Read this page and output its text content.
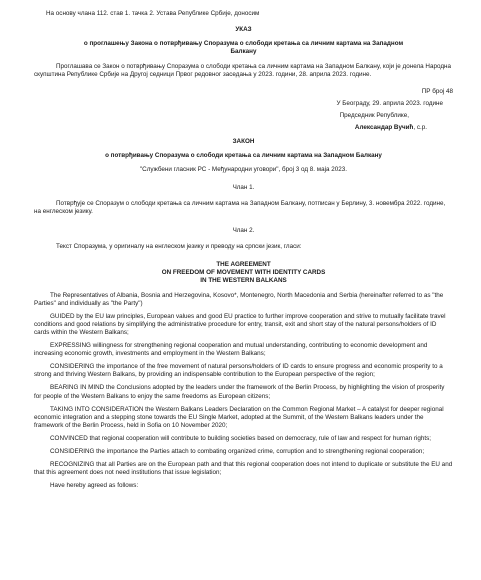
На основу члана 112. став 1. тачка 2. Устава Републике Србије, доносим

УКАЗ

о проглашењу Закона о потврђивању Споразума о слободи кретања са личним картама на Западном Балкану

Проглашава се Закон о потврђивању Споразума о слободи кретања са личним картама на Западном Балкану, који је донела Народна скупштина Републике Србије на Другој седници Првог редовног заседања у 2023. години, 28. априла 2023. године.

ПР број 48

У Београду, 29. априла 2023. године

Председник Републике,

Александар Вучић, с.р.

ЗАКОН

о потврђивању Споразума о слободи кретања са личним картама на Западном Балкану

"Службени гласник РС - Међународни уговори", број 3 од 8. маја 2023.

Члан 1.

Потврђује се Споразум о слободи кретања са личним картама на Западном Балкану, потписан у Берлину, 3. новембра 2022. године, на енглеском језику.

Члан 2.

Текст Споразума, у оригиналу на енглеском језику и преводу на српски језик, гласи:

THE AGREEMENT
ON FREEDOM OF MOVEMENT WITH IDENTITY CARDS
IN THE WESTERN BALKANS

The Representatives of Albania, Bosnia and Herzegovina, Kosovo*, Montenegro, North Macedonia and Serbia (hereinafter referred to as "the Parties" and individually as "the Party")

GUIDED by the EU law principles, European values and good EU practice to further improve cooperation and strive to mutually facilitate travel conditions and good relations by simplifying the administrative procedure for entry, transit, exit and short stay of the natural persons/holders of ID cards within the Western Balkans;

EXPRESSING willingness for strengthening regional cooperation and mutual understanding, contributing to economic development and increasing economic growth, investments and employment in the Western Balkans;

CONSIDERING the importance of the free movement of natural persons/holders of ID cards to ensure progress and economic prosperity to a strong and thriving Western Balkans, by providing an indispensable contribution to the European perspective of the region;

BEARING IN MIND the Conclusions adopted by the leaders under the framework of the Berlin Process, by highlighting the vision of prosperity for people of the Western Balkans to enjoy the same freedoms as European citizens;

TAKING INTO CONSIDERATION the Western Balkans Leaders Declaration on the Common Regional Market – A catalyst for deeper regional economic integration and a stepping stone towards the EU Single Market, adopted at the Summit, of the Western Balkans leaders under the framework of the Berlin Process, held in Sofia on 10 November 2020;

CONVINCED that regional cooperation will contribute to building societies based on democracy, rule of law and respect for human rights;

CONSIDERING the importance the Parties attach to combating organized crime, corruption and to strengthening regional cooperation;

RECOGNIZING that all Parties are on the European path and that this regional cooperation does not intend to duplicate or substitute the EU and that this agreement does not need institutions that issue legislation;

Have hereby agreed as follows:
